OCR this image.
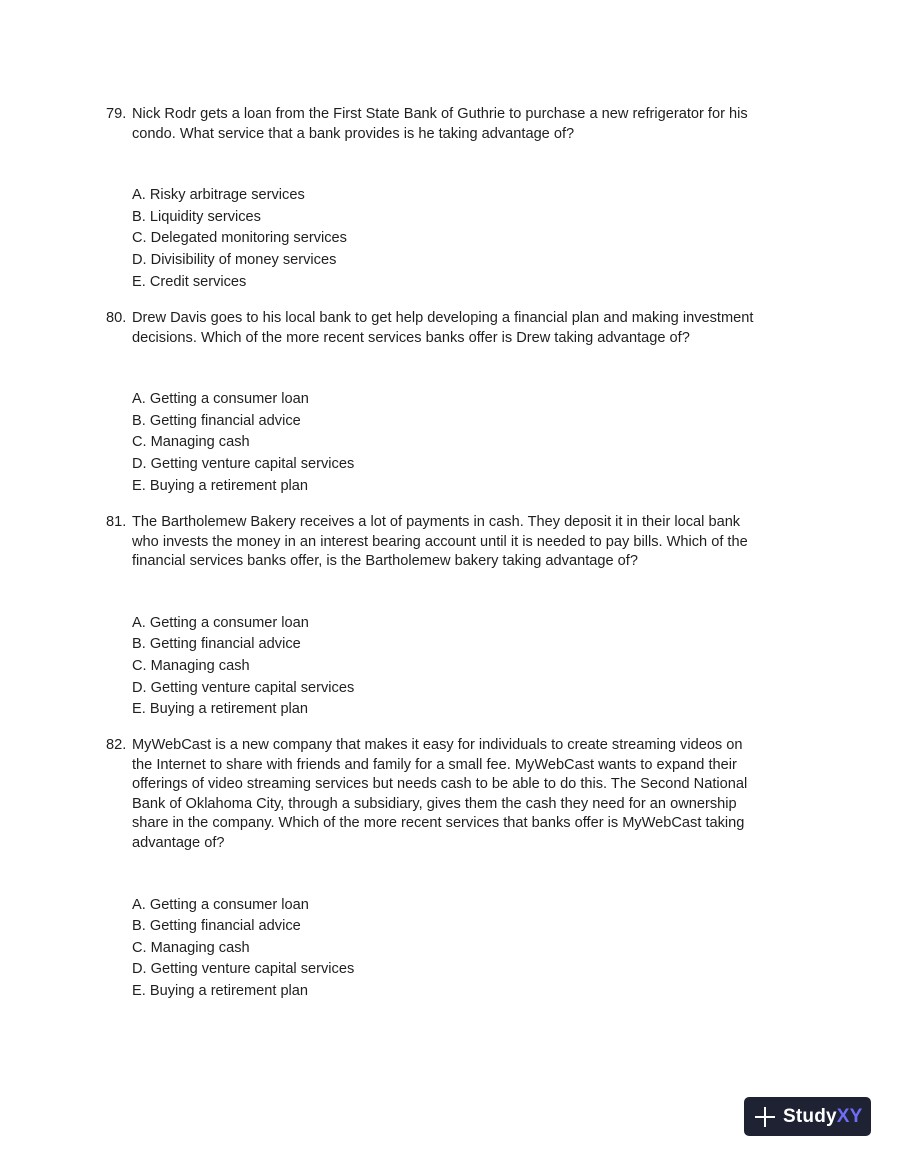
79. Nick Rodr gets a loan from the First State Bank of Guthrie to purchase a new refrigerator for his condo. What service that a bank provides is he taking advantage of?
A. Risky arbitrage services
B. Liquidity services
C. Delegated monitoring services
D. Divisibility of money services
E. Credit services
80. Drew Davis goes to his local bank to get help developing a financial plan and making investment decisions. Which of the more recent services banks offer is Drew taking advantage of?
A. Getting a consumer loan
B. Getting financial advice
C. Managing cash
D. Getting venture capital services
E. Buying a retirement plan
81. The Bartholemew Bakery receives a lot of payments in cash. They deposit it in their local bank who invests the money in an interest bearing account until it is needed to pay bills. Which of the financial services banks offer, is the Bartholemew bakery taking advantage of?
A. Getting a consumer loan
B. Getting financial advice
C. Managing cash
D. Getting venture capital services
E. Buying a retirement plan
82. MyWebCast is a new company that makes it easy for individuals to create streaming videos on the Internet to share with friends and family for a small fee. MyWebCast wants to expand their offerings of video streaming services but needs cash to be able to do this. The Second National Bank of Oklahoma City, through a subsidiary, gives them the cash they need for an ownership share in the company. Which of the more recent services that banks offer is MyWebCast taking advantage of?
A. Getting a consumer loan
B. Getting financial advice
C. Managing cash
D. Getting venture capital services
E. Buying a retirement plan
StudyXY
